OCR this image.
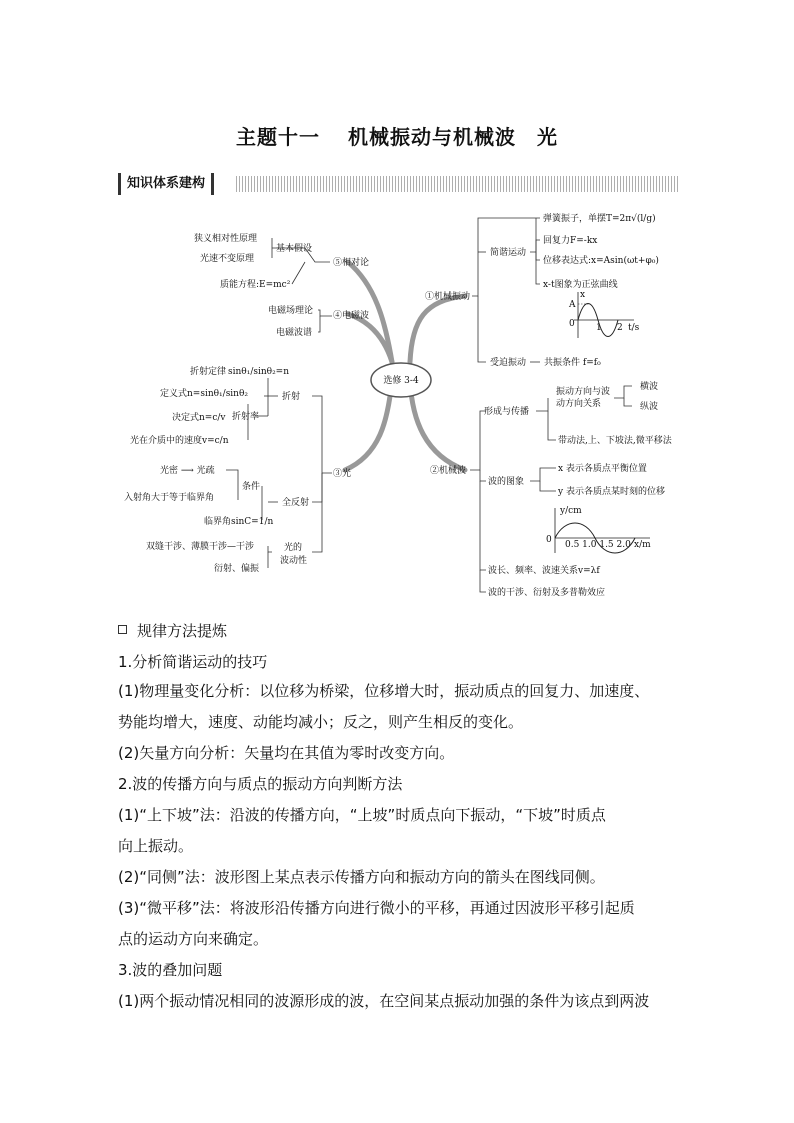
主题十一 机械振动与机械波　光
知识体系建构
选修 3-4
⑤相对论
④电磁波
③光
①机械振动
②机械波
基本假设
狭义相对性原理
光速不变原理
质能方程:E=mc²
电磁场理论
电磁波谱
折射
折射定律 sinθ₁/sinθ₂=n
折射率
定义式n=sinθ₁/sinθ₂
决定式n=c/v
光在介质中的速度v=c/n
全反射
条件
光密 ⟶ 光疏
入射角大于等于临界角
临界角sinC=1/n
光的
波动性
双缝干涉、薄膜干涉—干涉
衍射、偏振
简谐运动
弹簧振子，单摆T=2π√(l/g)
回复力F=-kx
位移表达式:x=Asin(ωt+φ₀)
x-t图象为正弦曲线
受迫振动 共振条件 f=f₀
x
A
0 1 2 t/s
形成与传播
振动方向与波
动方向关系
横波
纵波
带动法,上、下坡法,微平移法
波的图象
x 表示各质点平衡位置
y 表示各质点某时刻的位移
波长、频率、波速关系v=λf
波的干涉、衍射及多普勒效应
y/cm
0 0.5 1.0 1.5 2.0 x/m
规律方法提炼
1.分析简谐运动的技巧
(1)物理量变化分析：以位移为桥梁，位移增大时，振动质点的回复力、加速度、
势能均增大，速度、动能均减小；反之，则产生相反的变化。
(2)矢量方向分析：矢量均在其值为零时改变方向。
2.波的传播方向与质点的振动方向判断方法
(1)“上下坡”法：沿波的传播方向，“上坡”时质点向下振动，“下坡”时质点
向上振动。
(2)“同侧”法：波形图上某点表示传播方向和振动方向的箭头在图线同侧。
(3)“微平移”法：将波形沿传播方向进行微小的平移，再通过因波形平移引起质
点的运动方向来确定。
3.波的叠加问题
(1)两个振动情况相同的波源形成的波，在空间某点振动加强的条件为该点到两波
